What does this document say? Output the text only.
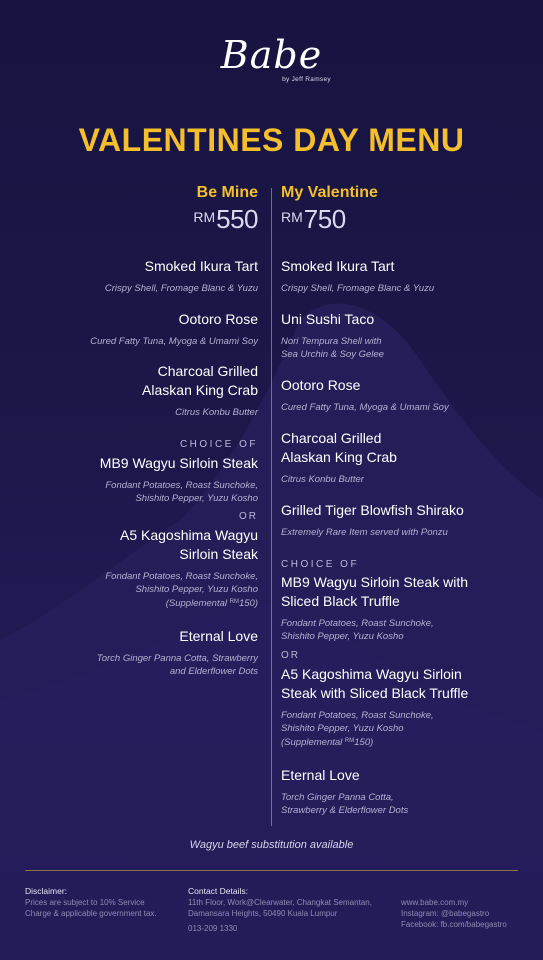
Babe
by Jeff Ramsey
VALENTINES DAY MENU
Be Mine
$^{RM}$550
My Valentine
$^{RM}$750
Smoked Ikura Tart
Crispy Shell, Fromage Blanc & Yuzu
Ootoro Rose
Cured Fatty Tuna, Myoga & Umami Soy
Charcoal Grilled
Alaskan King Crab
Citrus Konbu Butter
CHOICE OF
MB9 Wagyu Sirloin Steak
Fondant Potatoes, Roast Sunchoke,
Shishito Pepper, Yuzu Kosho
OR
A5 Kagoshima Wagyu
Sirloin Steak
Fondant Potatoes, Roast Sunchoke,
Shishito Pepper, Yuzu Kosho
(Supplemental $^{RM}$150)
Eternal Love
Torch Ginger Panna Cotta, Strawberry
and Elderflower Dots
Smoked Ikura Tart
Crispy Shell, Fromage Blanc & Yuzu
Uni Sushi Taco
Nori Tempura Shell with
Sea Urchin & Soy Gelee
Ootoro Rose
Cured Fatty Tuna, Myoga & Umami Soy
Charcoal Grilled
Alaskan King Crab
Citrus Konbu Butter
Grilled Tiger Blowfish Shirako
Extremely Rare Item served with Ponzu
CHOICE OF
MB9 Wagyu Sirloin Steak with
Sliced Black Truffle
Fondant Potatoes, Roast Sunchoke,
Shishito Pepper, Yuzu Kosho
OR
A5 Kagoshima Wagyu Sirloin
Steak with Sliced Black Truffle
Fondant Potatoes, Roast Sunchoke,
Shishito Pepper, Yuzu Kosho
(Supplemental $^{RM}$150)
Eternal Love
Torch Ginger Panna Cotta,
Strawberry & Elderflower Dots
Wagyu beef substitution available
Disclaimer:
Prices are subject to 10% Service
Charge & applicable government tax.
Contact Details:
11th Floor, Work@Clearwater, Changkat Semantan,
Damansara Heights, 50490 Kuala Lumpur
013-209 1330
www.babe.com.my
Instagram: @babegastro
Facebook: fb.com/babegastro
